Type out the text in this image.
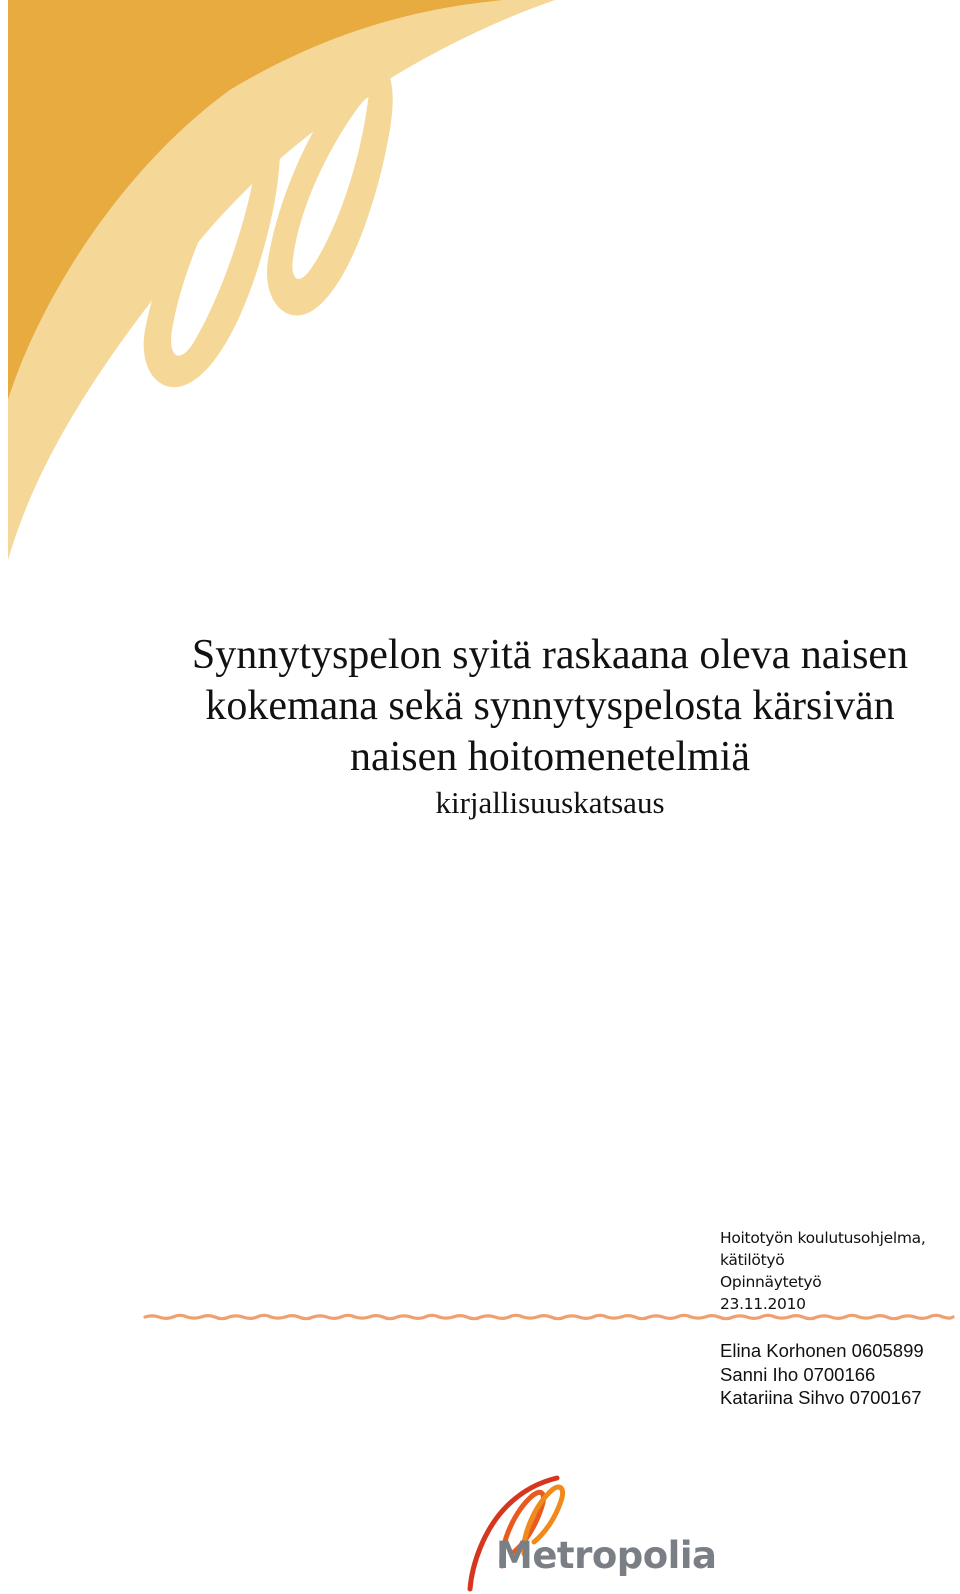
Synnytyspelon syitä raskaana oleva naisen
kokemana sekä synnytyspelosta kärsivän
naisen hoitomenetelmiä
kirjallisuuskatsaus
Hoitotyön koulutusohjelma,
kätilötyö
Opinnäytetyö
23.11.2010
Elina Korhonen 0605899
Sanni Iho 0700166
Katariina Sihvo 0700167
Metropolia
